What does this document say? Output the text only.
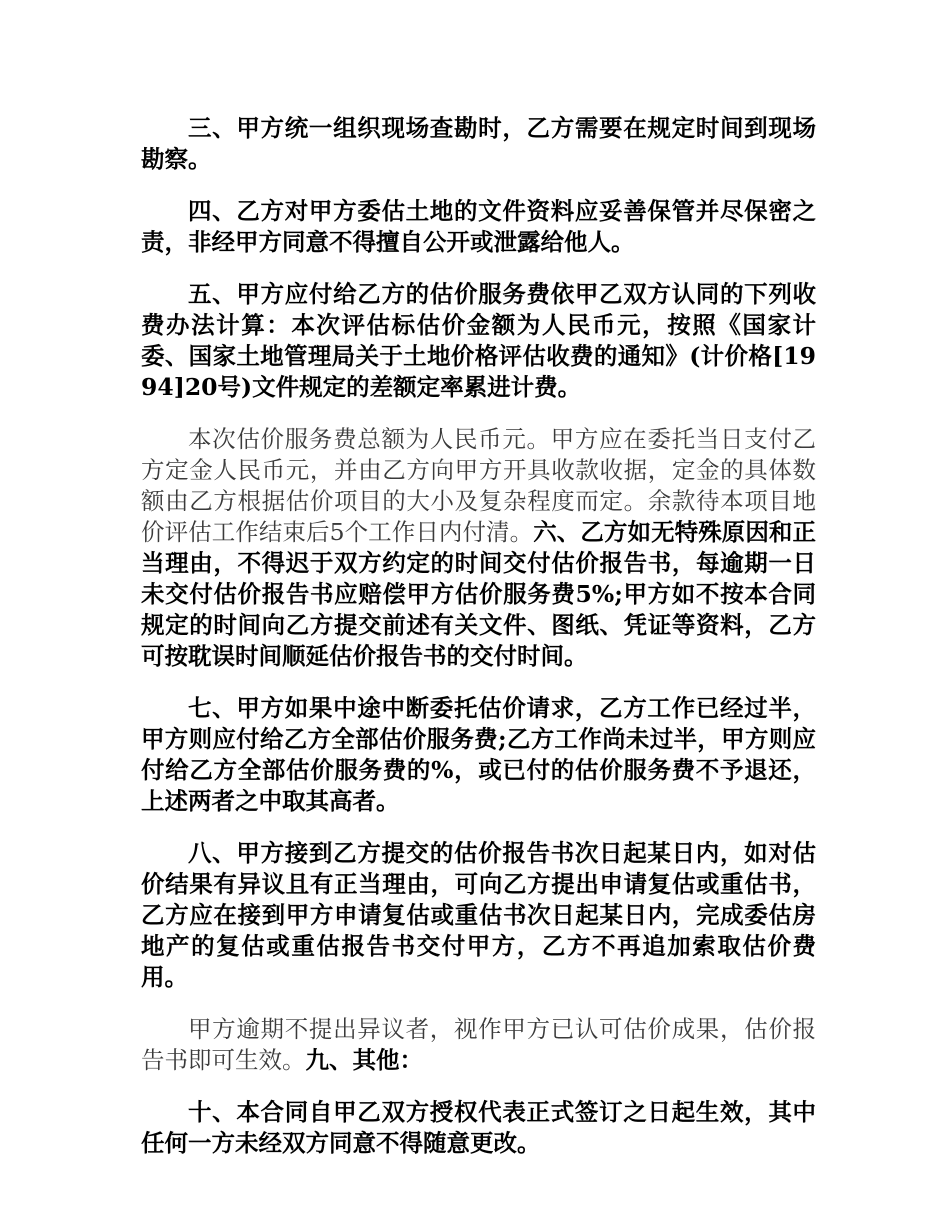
三、甲方统一组织现场查勘时，乙方需要在规定时间到现场勘察。

四、乙方对甲方委估土地的文件资料应妥善保管并尽保密之责，非经甲方同意不得擅自公开或泄露给他人。

五、甲方应付给乙方的估价服务费依甲乙双方认同的下列收费办法计算：本次评估标估价金额为人民币元，按照《国家计委、国家土地管理局关于土地价格评估收费的通知》(计价格[1994]20号)文件规定的差额定率累进计费。

本次估价服务费总额为人民币元。甲方应在委托当日支付乙方定金人民币元，并由乙方向甲方开具收款收据，定金的具体数额由乙方根据估价项目的大小及复杂程度而定。余款待本项目地价评估工作结束后5个工作日内付清。六、乙方如无特殊原因和正当理由，不得迟于双方约定的时间交付估价报告书，每逾期一日未交付估价报告书应赔偿甲方估价服务费5%;甲方如不按本合同规定的时间向乙方提交前述有关文件、图纸、凭证等资料，乙方可按耽误时间顺延估价报告书的交付时间。

七、甲方如果中途中断委托估价请求，乙方工作已经过半，甲方则应付给乙方全部估价服务费;乙方工作尚未过半，甲方则应付给乙方全部估价服务费的%，或已付的估价服务费不予退还，上述两者之中取其高者。

八、甲方接到乙方提交的估价报告书次日起某日内，如对估价结果有异议且有正当理由，可向乙方提出申请复估或重估书，乙方应在接到甲方申请复估或重估书次日起某日内，完成委估房地产的复估或重估报告书交付甲方，乙方不再追加索取估价费用。

甲方逾期不提出异议者，视作甲方已认可估价成果，估价报告书即可生效。九、其他：

十、本合同自甲乙双方授权代表正式签订之日起生效，其中任何一方未经双方同意不得随意更改。
